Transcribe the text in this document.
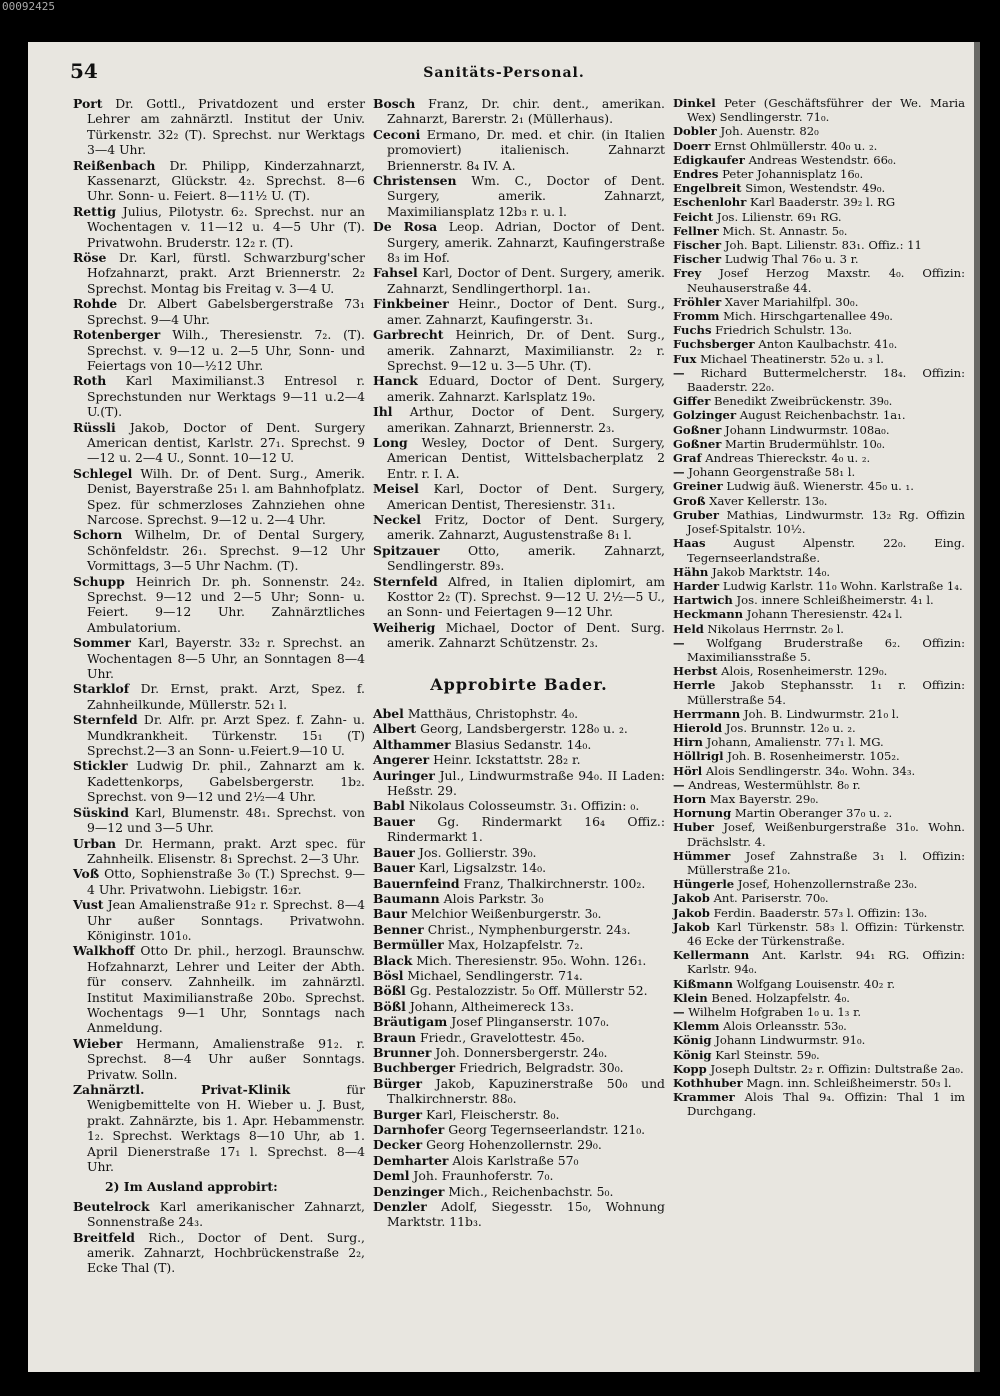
00092425
54	Sanitäts-Personal.

Port Dr. Gottl., Privatdozent und erster Lehrer am zahnärztl. Institut der Univ. Türkenstr. 32₂ (T). Sprechst. nur Werktags 3—4 Uhr.

Reißenbach Dr. Philipp, Kinderzahnarzt, Kassenarzt, Glückstr. 4₂. Sprechst. 8—6 Uhr. Sonn- u. Feiert. 8—11½ U. (T).

Rettig Julius, Pilotystr. 6₂. Sprechst. nur an Wochentagen v. 11—12 u. 4—5 Uhr (T). Privatwohn. Bruderstr. 12₂ r. (T).

Röse Dr. Karl, fürstl. Schwarzburg'scher Hofzahnarzt, prakt. Arzt Briennerstr. 2₂ Sprechst. Montag bis Freitag v. 3—4 U.

Rohde Dr. Albert Gabelsbergerstraße 73₁ Sprechst. 9—4 Uhr.

Rotenberger Wilh., Theresienstr. 7₂. (T). Sprechst. v. 9—12 u. 2—5 Uhr, Sonn- und Feiertags von 10—½12 Uhr.

Roth Karl Maximilianst.3 Entresol r. Sprechstunden nur Werktags 9—11 u.2—4 U.(T).

Rüssli Jakob, Doctor of Dent. Surgery American dentist, Karlstr. 27₁. Sprechst. 9—12 u. 2—4 U., Sonnt. 10—12 U.

Schlegel Wilh. Dr. of Dent. Surg., Amerik. Denist, Bayerstraße 25₁ l. am Bahnhofplatz. Spez. für schmerzloses Zahnziehen ohne Narcose. Sprechst. 9—12 u. 2—4 Uhr.

Schorn Wilhelm, Dr. of Dental Surgery, Schönfeldstr. 26₁. Sprechst. 9—12 Uhr Vormittags, 3—5 Uhr Nachm. (T).

Schupp Heinrich Dr. ph. Sonnenstr. 24₂. Sprechst. 9—12 und 2—5 Uhr; Sonn- u. Feiert. 9—12 Uhr. Zahnärztliches Ambulatorium.

Sommer Karl, Bayerstr. 33₂ r. Sprechst. an Wochentagen 8—5 Uhr, an Sonntagen 8—4 Uhr.

Starklof Dr. Ernst, prakt. Arzt, Spez. f. Zahnheilkunde, Müllerstr. 52₁ l.

Sternfeld Dr. Alfr. pr. Arzt Spez. f. Zahn- u. Mundkrankheit. Türkenstr. 15₁ (T) Sprechst.2—3 an Sonn- u.Feiert.9—10 U.

Stickler Ludwig Dr. phil., Zahnarzt am k. Kadettenkorps, Gabelsbergerstr. 1b₂. Sprechst. von 9—12 und 2½—4 Uhr.

Süskind Karl, Blumenstr. 48₁. Sprechst. von 9—12 und 3—5 Uhr.

Urban Dr. Hermann, prakt. Arzt spec. für Zahnheilk. Elisenstr. 8₁ Sprechst. 2—3 Uhr.

Voß Otto, Sophienstraße 3₀ (T.) Sprechst. 9—4 Uhr. Privatwohn. Liebigstr. 16₂r.

Vust Jean Amalienstraße 91₂ r. Sprechst. 8—4 Uhr außer Sonntags. Privatwohn. Königinstr. 101₀.

Walkhoff Otto Dr. phil., herzogl. Braunschw. Hofzahnarzt, Lehrer und Leiter der Abth. für conserv. Zahnheilk. im zahnärztl. Institut Maximilianstraße 20b₀. Sprechst. Wochentags 9—1 Uhr, Sonntags nach Anmeldung.

Wieber Hermann, Amalienstraße 91₂. r. Sprechst. 8—4 Uhr außer Sonntags. Privatw. Solln.

Zahnärztl. Privat-Klinik	für Wenigbemittelte von H. Wieber u. J. Bust, prakt. Zahnärzte, bis 1. Apr. Hebammenstr. 1₂. Sprechst. Werktags 8—10 Uhr, ab 1. April Dienerstraße 17₁ l. Sprechst. 8—4 Uhr.

2) Im Ausland approbirt:

Beutelrock Karl amerikanischer Zahnarzt, Sonnenstraße 24₃.

Breitfeld Rich., Doctor of Dent. Surg., amerik. Zahnarzt, Hochbrückenstraße 2₂, Ecke Thal (T).

Bosch Franz, Dr. chir. dent., amerikan. Zahnarzt, Barerstr. 2₁ (Müllerhaus).

Ceconi Ermano, Dr. med. et chir. (in Italien promoviert) italienisch. Zahnarzt Briennerstr. 8₄ IV. A.

Christensen Wm. C., Doctor of Dent. Surgery, amerik. Zahnarzt, Maximiliansplatz 12b₃ r. u. l.

De Rosa Leop. Adrian, Doctor of Dent. Surgery, amerik. Zahnarzt, Kaufingerstraße 8₃ im Hof.

Fahsel Karl, Doctor of Dent. Surgery, amerik. Zahnarzt, Sendlingerthorpl. 1a₁.

Finkbeiner Heinr., Doctor of Dent. Surg., amer. Zahnarzt, Kaufingerstr. 3₁.

Garbrecht Heinrich, Dr. of Dent. Surg., amerik. Zahnarzt, Maximilianstr. 2₂ r. Sprechst. 9—12 u. 3—5 Uhr. (T).

Hanck Eduard, Doctor of Dent. Surgery, amerik. Zahnarzt. Karlsplatz 19₀.

Ihl Arthur, Doctor of Dent. Surgery, amerikan. Zahnarzt, Briennerstr. 2₃.

Long Wesley, Doctor of Dent. Surgery, American Dentist, Wittelsbacherplatz 2 Entr. r. I. A.

Meisel Karl, Doctor of Dent. Surgery, American Dentist, Theresienstr. 31₁.

Neckel Fritz, Doctor of Dent. Surgery, amerik. Zahnarzt, Augustenstraße 8₁ l.

Spitzauer Otto, amerik. Zahnarzt, Sendlingerstr. 89₃.

Sternfeld Alfred, in Italien diplomirt, am Kosttor 2₂ (T). Sprechst. 9—12 U. 2½—5 U., an Sonn- und Feiertagen 9—12 Uhr.

Weiherig Michael, Doctor of Dent. Surg. amerik. Zahnarzt Schützenstr. 2₃.

Approbirte Bader.

Abel Matthäus, Christophstr. 4₀.

Albert Georg, Landsbergerstr. 128₀ u. ₂.

Althammer Blasius Sedanstr. 14₀.

Angerer Heinr. Ickstattstr. 28₂ r.

Auringer Jul., Lindwurmstraße 94₀. II Laden: Heßstr. 29.

Babl Nikolaus Colosseumstr. 3₁. Offizin: ₀.

Bauer Gg. Rindermarkt 16₄ Offiz.: Rindermarkt 1.

Bauer Jos. Gollierstr. 39₀.

Bauer Karl, Ligsalzstr. 14₀.

Bauernfeind Franz, Thalkirchnerstr. 100₂.

Baumann Alois Parkstr. 3₀

Baur Melchior Weißenburgerstr. 3₀.

Benner Christ., Nymphenburgerstr. 24₃.

Bermüller Max, Holzapfelstr. 7₂.

Black Mich. Theresienstr. 95₀. Wohn. 126₁.

Bösl Michael, Sendlingerstr. 71₄.

Bößl Gg. Pestalozzistr. 5₀ Off. Müllerstr 52.

Bößl Johann, Altheimereck 13₃.

Bräutigam Josef Plinganserstr. 107₀.

Braun Friedr., Gravelottestr. 45₀.

Brunner Joh. Donnersbergerstr. 24₀.

Buchberger Friedrich, Belgradstr. 30₀.

Bürger Jakob, Kapuzinerstraße 50₀ und Thalkirchnerstr. 88₀.

Burger Karl, Fleischerstr. 8₀.

Darnhofer Georg Tegernseerlandstr. 121₀.

Decker Georg Hohenzollernstr. 29₀.

Demharter Alois Karlstraße 57₀

Deml Joh. Fraunhoferstr. 7₀.

Denzinger Mich., Reichenbachstr. 5₀.

Denzler Adolf, Siegesstr. 15₀, Wohnung Marktstr. 11b₃.

Dinkel Peter (Geschäftsführer der We. Maria Wex) Sendlingerstr. 71₀.

Dobler Joh. Auenstr. 82₀

Doerr Ernst Ohlmüllerstr. 40₀ u. ₂.

Edigkaufer Andreas Westendstr. 66₀.

Endres Peter Johannisplatz 16₀.

Engelbreit Simon, Westendstr. 49₀.

Eschenlohr Karl Baaderstr. 39₂ l. RG

Feicht Jos. Lilienstr. 69₁ RG.

Fellner Mich. St. Annastr. 5₀.

Fischer Joh. Bapt. Lilienstr. 83₁. Offiz.: 11

Fischer Ludwig Thal 76₀ u. 3 r.

Frey Josef Herzog Maxstr. 4₀. Offizin: Neuhauserstraße 44.

Fröhler Xaver Mariahilfpl. 30₀.

Fromm Mich. Hirschgartenallee 49₀.

Fuchs Friedrich Schulstr. 13₀.

Fuchsberger Anton Kaulbachstr. 41₀.

Fux Michael Theatinerstr. 52₀ u. ₃ l.

— Richard Buttermelcherstr. 18₄. Offizin: Baaderstr. 22₀.

Giffer Benedikt Zweibrückenstr. 39₀.

Golzinger August Reichenbachstr. 1a₁.

Goßner Johann Lindwurmstr. 108a₀.

Goßner Martin Brudermühlstr. 10₀.

Graf Andreas Thiereckstr. 4₀ u. ₂.

— Johann Georgenstraße 58₁ l.

Greiner Ludwig äuß. Wienerstr. 45₀ u. ₁.

Groß Xaver Kellerstr. 13₀.

Gruber Mathias, Lindwurmstr. 13₂ Rg. Offizin Josef-Spitalstr. 10½.

Haas August Alpenstr. 22₀. Eing. Tegernseerlandstraße.

Hähn Jakob Marktstr. 14₀.

Harder Ludwig Karlstr. 11₀ Wohn. Karlstraße 1₄.

Hartwich Jos. innere Schleißheimerstr. 4₁ l.

Heckmann Johann Theresienstr. 42₄ l.

Held Nikolaus Herrnstr. 2₀ l.

— Wolfgang Bruderstraße 6₂. Offizin: Maximiliansstraße 5.

Herbst Alois, Rosenheimerstr. 129₀.

Herrle Jakob Stephansstr. 1₁ r. Offizin: Müllerstraße 54.

Herrmann Joh. B. Lindwurmstr. 21₀ l.

Hierold Jos. Brunnstr. 12₀ u. ₂.

Hirn Johann, Amalienstr. 77₁ l. MG.

Höllrigl Joh. B. Rosenheimerstr. 105₂.

Hörl Alois Sendlingerstr. 34₀. Wohn. 34₃.

— Andreas, Westermühlstr. 8₀ r.

Horn Max Bayerstr. 29₀.

Hornung Martin Oberanger 37₀ u. ₂.

Huber Josef, Weißenburgerstraße 31₀. Wohn. Drächslstr. 4.

Hümmer Josef Zahnstraße 3₁ l. Offizin: Müllerstraße 21₀.

Hüngerle Josef, Hohenzollernstraße 23₀.

Jakob Ant. Pariserstr. 70₀.

Jakob Ferdin. Baaderstr. 57₃ l. Offizin: 13₀.

Jakob Karl Türkenstr. 58₃ l. Offizin: Türkenstr. 46 Ecke der Türkenstraße.

Kellermann Ant. Karlstr. 94₁ RG. Offizin: Karlstr. 94₀.

Kißmann Wolfgang Louisenstr. 40₂ r.

Klein Bened. Holzapfelstr. 4₀.

— Wilhelm Hofgraben 1₀ u. 1₃ r.

Klemm Alois Orleansstr. 53₀.

König Johann Lindwurmstr. 91₀.

König Karl Steinstr. 59₀.

Kopp Joseph Dultstr. 2₂ r. Offizin: Dultstraße 2a₀.

Kothhuber Magn. inn. Schleißheimerstr. 50₃ l.

Krammer Alois Thal 9₄. Offizin: Thal 1 im Durchgang.
